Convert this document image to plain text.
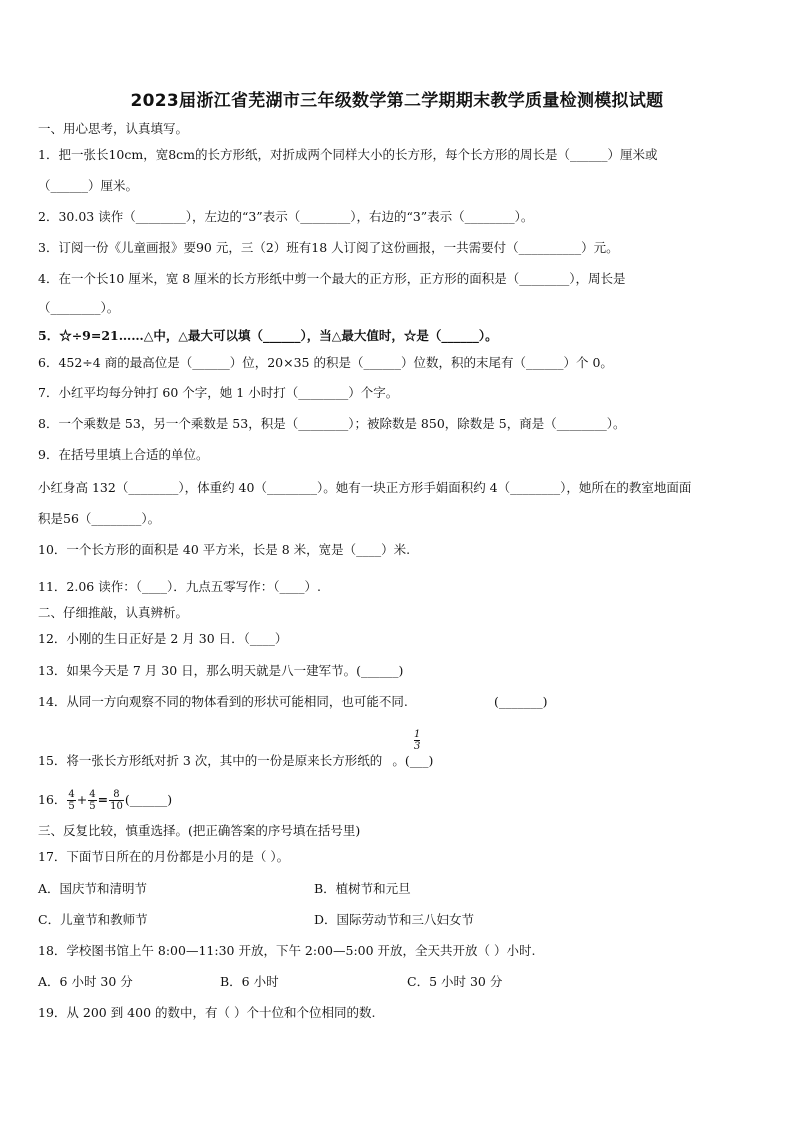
2023届浙江省芜湖市三年级数学第二学期期末教学质量检测模拟试题
一、用心思考，认真填写。
1．把一张长10cm，宽8cm的长方形纸，对折成两个同样大小的长方形，每个长方形的周长是（______）厘米或
（______）厘米。
2．30.03 读作（________），左边的“3”表示（________），右边的“3”表示（________）。
3．订阅一份《儿童画报》要90 元，三（2）班有18 人订阅了这份画报，一共需要付（__________）元。
4．在一个长10 厘米，宽 8 厘米的长方形纸中剪一个最大的正方形，正方形的面积是（________），周长是
（________）。
5．☆÷9=21……△中，△最大可以填（______），当△最大值时，☆是（______）。
6．452÷4 商的最高位是（______）位，20×35 的积是（______）位数，积的末尾有（______）个 0。
7．小红平均每分钟打 60 个字，她 1 小时打（________）个字。
8．一个乘数是 53，另一个乘数是 53，积是（________）；被除数是 850，除数是 5，商是（________）。
9．在括号里填上合适的单位。
小红身高 132（________），体重约 40（________）。她有一块正方形手娟面积约 4（________），她所在的教室地面面
积是56（________）。
10．一个长方形的面积是 40 平方米，长是 8 米，宽是（____）米.
11．2.06 读作：（____）．九点五零写作：（____）.
二、仔细推敲，认真辨析。
12．小刚的生日正好是 2 月 30 日．（____）
13．如果今天是 7 月 30 日，那么明天就是八一建军节。(______)
14．从同一方向观察不同的物体看到的形状可能相同，也可能不同.	(_______)
$\frac{1}{3}$
15．将一张长方形纸对折 3 次，其中的一份是原来长方形纸的 。(___)
16． $\frac{4}{5} + \frac{4}{5} = \frac{8}{10}$ (______)
三、反复比较，慎重选择。(把正确答案的序号填在括号里)
17．下面节日所在的月份都是小月的是（ ）。
A．国庆节和清明节	B．植树节和元旦
C．儿童节和教师节	D．国际劳动节和三八妇女节
18．学校图书馆上午 8:00—11:30 开放，下午 2:00—5:00 开放，全天共开放（ ）小时.
A．6 小时 30 分	B．6 小时	C．5 小时 30 分
19．从 200 到 400 的数中，有（ ）个十位和个位相同的数.
